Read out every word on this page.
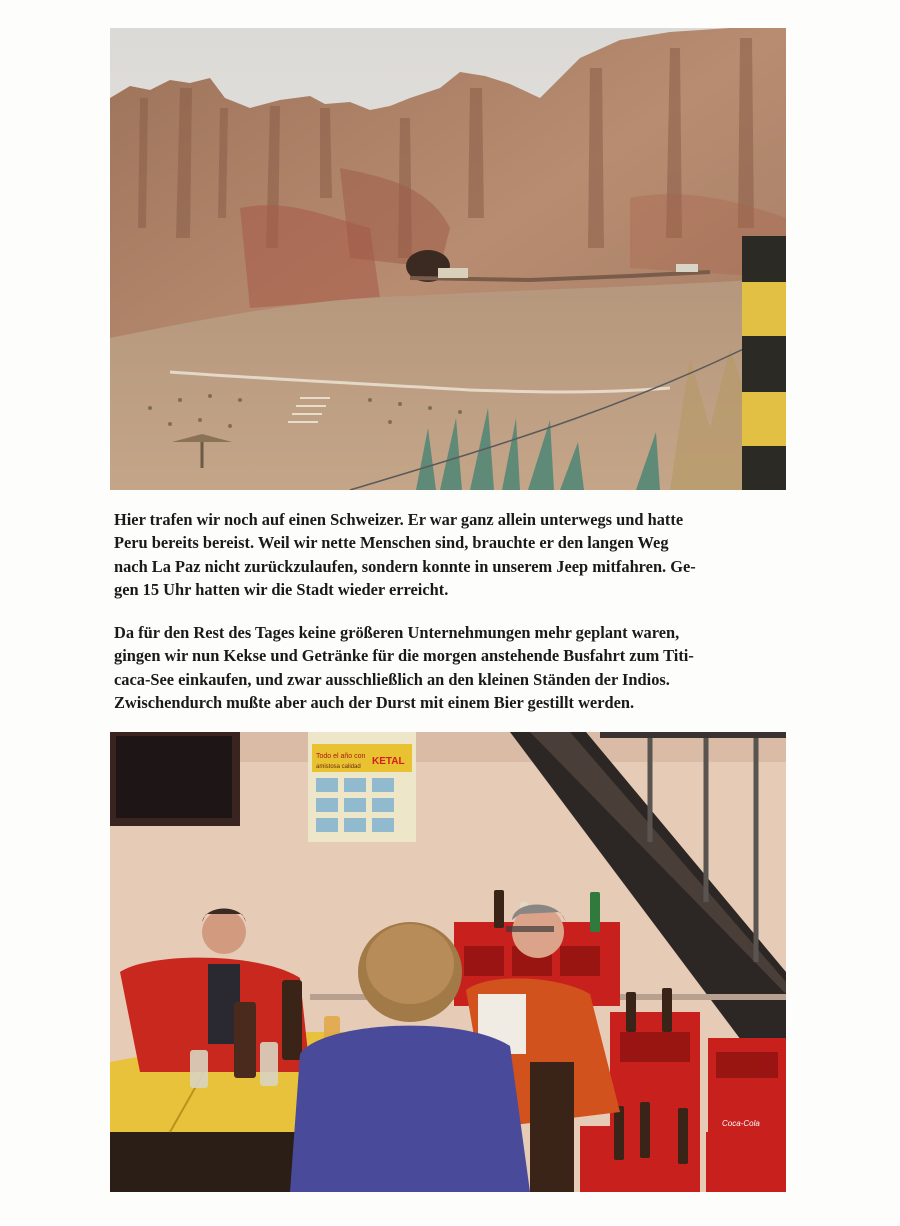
Hier trafen wir noch auf einen Schweizer. Er war ganz allein unterwegs und hatte
Peru bereits bereist. Weil wir nette Menschen sind, brauchte er den langen Weg
nach La Paz nicht zurückzulaufen, sondern konnte in unserem Jeep mitfahren. Ge-
gen 15 Uhr hatten wir die Stadt wieder erreicht.

Da für den Rest des Tages keine größeren Unternehmungen mehr geplant waren,
gingen wir nun Kekse und Getränke für die morgen anstehende Busfahrt zum Titi-
caca-See einkaufen, und zwar ausschließlich an den kleinen Ständen der Indios.
Zwischendurch mußte aber auch der Durst mit einem Bier gestillt werden.

Todo el año con
amistosa calidad KETAL
Coca-Cola
